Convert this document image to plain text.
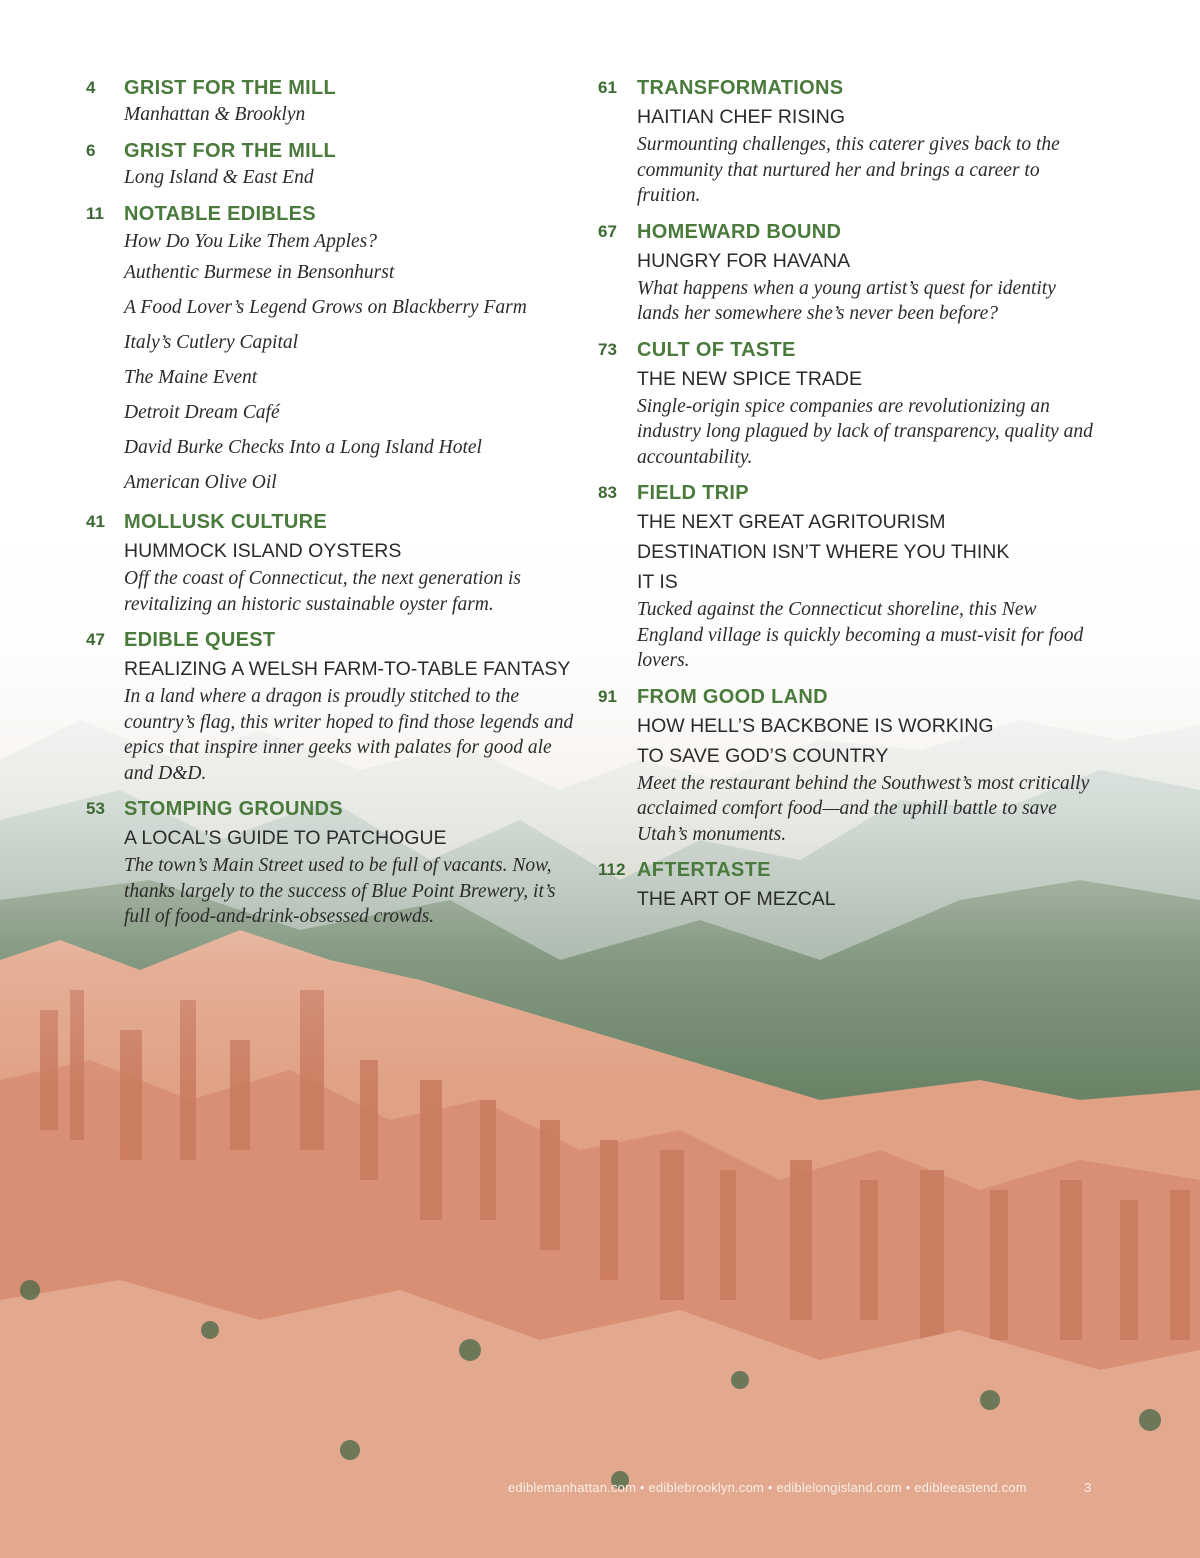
4 GRIST FOR THE MILL
Manhattan & Brooklyn
6 GRIST FOR THE MILL
Long Island & East End
11 NOTABLE EDIBLES
How Do You Like Them Apples?
Authentic Burmese in Bensonhurst
A Food Lover’s Legend Grows on Blackberry Farm
Italy’s Cutlery Capital
The Maine Event
Detroit Dream Café
David Burke Checks Into a Long Island Hotel
American Olive Oil
41 MOLLUSK CULTURE
HUMMOCK ISLAND OYSTERS
Off the coast of Connecticut, the next generation is revitalizing an historic sustainable oyster farm.
47 EDIBLE QUEST
REALIZING A WELSH FARM-TO-TABLE FANTASY
In a land where a dragon is proudly stitched to the country’s flag, this writer hoped to find those legends and epics that inspire inner geeks with palates for good ale and D&D.
53 STOMPING GROUNDS
A LOCAL’S GUIDE TO PATCHOGUE
The town’s Main Street used to be full of vacants. Now, thanks largely to the success of Blue Point Brewery, it’s full of food-and-drink-obsessed crowds.
61 TRANSFORMATIONS
HAITIAN CHEF RISING
Surmounting challenges, this caterer gives back to the community that nurtured her and brings a career to fruition.
67 HOMEWARD BOUND
HUNGRY FOR HAVANA
What happens when a young artist’s quest for identity lands her somewhere she’s never been before?
73 CULT OF TASTE
THE NEW SPICE TRADE
Single-origin spice companies are revolutionizing an industry long plagued by lack of transparency, quality and accountability.
83 FIELD TRIP
THE NEXT GREAT AGRITOURISM DESTINATION ISN’T WHERE YOU THINK IT IS
Tucked against the Connecticut shoreline, this New England village is quickly becoming a must-visit for food lovers.
91 FROM GOOD LAND
HOW HELL’S BACKBONE IS WORKING TO SAVE GOD’S COUNTRY
Meet the restaurant behind the Southwest’s most critically acclaimed comfort food—and the uphill battle to save Utah’s monuments.
112 AFTERTASTE
THE ART OF MEZCAL
ediblemanhattan.com • ediblebrooklyn.com • ediblelongisland.com • edibleeastend.com	3
